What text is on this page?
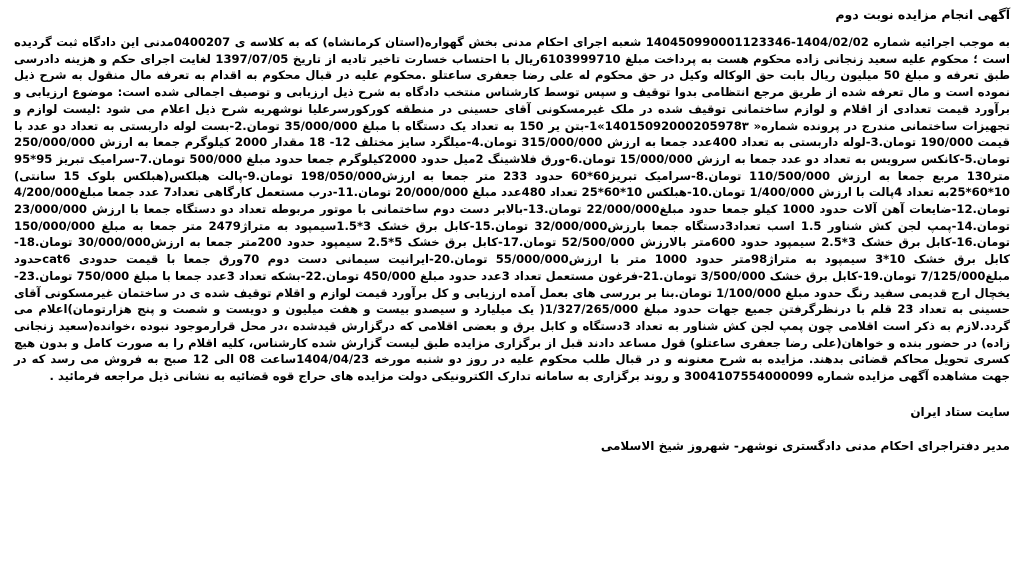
آگهی انجام مزایده نوبت دوم

به موجب اجرائیه شماره 1404/02/02-140450990001123346 شعبه اجرای احکام مدنی بخش گهواره(استان کرمانشاه) که به کلاسه ی 0400207مدنی این دادگاه ثبت گردیده است ؛ محکوم علیه سعید زنجانی زاده محکوم هست به پرداخت مبلغ 6103999710ریال با احتساب خسارت تاخیر تادیه از تاریخ 1397/07/05 لغایت اجرای حکم و هزینه دادرسی طبق تعرفه و مبلغ 50 میلیون ریال بابت حق الوکاله وکیل در حق محکوم له علی رضا جعفری ساعتلو .محکوم علیه در قبال محکوم به اقدام به تعرفه مال منقول به شرح ذیل نموده است و مال تعرفه شده از طریق مرجع انتظامی بدوا توقیف و سپس توسط کارشناس منتخب دادگاه به شرح ذیل ارزیابی و توصیف اجمالی شده است: موضوع ارزیابی و برآورد قیمت تعدادی از اقلام و لوازم ساختمانی توقیف شده در ملک غیرمسکونی آقای حسینی در منطقه کورکورسرعلیا نوشهریه شرح ذیل اعلام می شود :لیست لوازم و تجهیزات ساختمانی مندرج در پرونده شماره« 14015092000205978۳»1-بتن یر 150 به تعداد یک دستگاه با مبلغ 35/000/000 تومان.2-بست لوله داربستی به تعداد دو عدد با قیمت 190/000 تومان.3-لوله داربستی به تعداد 400عدد جمعا به ارزش 315/000/000 تومان.4-میلگرد سایز مختلف 12- 18 مقدار 2000 کیلوگرم جمعا به ارزش 250/000/000 تومان.5-کانکس سرویس به تعداد دو عدد جمعا به ارزش 15/000/000 تومان.6-ورق فلاشینگ 2میل حدود 2000کیلوگرم جمعا حدود مبلغ 500/000 تومان.7-سرامیک تبریز 95*95 متر130 مربع جمعا به ارزش 110/500/000 تومان.8-سرامیک تبریز60*60 حدود 233 متر جمعا به ارزش198/050/000 تومان.9-پالت هبلکس(هبلکس بلوک 15 سانتی) 10*60*25به تعداد 4پالت با ارزش 1/400/000 تومان.10-هبلکس 10*60*25 تعداد 480عدد مبلغ 20/000/000 تومان.11-درب مستعمل کارگاهی تعداد7 عدد جمعا مبلغ4/200/000 تومان.12-ضایعات آهن آلات حدود 1000 کیلو جمعا حدود مبلغ22/000/000 تومان.13-بالابر دست دوم ساختمانی با موتور مربوطه تعداد دو دستگاه جمعا با ارزش 23/000/000 تومان.14-پمپ لجن کش شناور 1.5 اسب تعداد3دستگاه جمعا بارزش32/000/000 تومان.15-کابل برق خشک 3*1.5سیمپود به متراژ2479 متر جمعا به مبلغ 150/000/000 تومان.16-کابل برق خشک 3*2.5 سیمپود حدود 600متر بالارزش 52/500/000 تومان.17-کابل برق خشک 5*2.5 سیمپود حدود 200متر جمعا به ارزش30/000/000 تومان.18-کابل برق خشک 10*3 سیمپود به متراژ98متر حدود 1000 متر با ارزش55/000/000 تومان.20-ایرانیت سیمانی دست دوم 70ورق جمعا با قیمت حدودی cat6حدود مبلغ7/125/000 تومان.19-کابل برق خشک 3/500/000 تومان.21-فرغون مستعمل تعداد 3عدد حدود مبلغ 450/000 تومان.22-بشکه تعداد 3عدد جمعا با مبلغ 750/000 تومان.23-یخچال ارج قدیمی سفید رنگ حدود مبلغ 1/100/000 تومان.بنا بر بررسی های بعمل آمده ارزیابی و کل برآورد قیمت لوازم و اقلام توقیف شده ی در ساختمان غیرمسکونی آقای حسینی به تعداد 23 قلم با درنظرگرفتن جمیع جهات حدود مبلغ 1/327/265/000( یک میلیارد و سیصدو بیست و هفت میلیون و دویست و شصت و پنج هزارتومان)اعلام می گردد.لازم به ذکر است اقلامی چون پمپ لجن کش شناور به تعداد 3دستگاه و کابل برق و بعضی اقلامی که درگزارش قیدشده ،در محل قرارموجود نبوده ،خوانده(سعید زنجانی زاده) در حضور بنده و خواهان(علی رضا جعفری ساعتلو) قول مساعد دادند قبل از برگزاری مزایده طبق لیست گزارش شده کارشناس، کلیه اقلام را به صورت کامل و بدون هیچ کسری تحویل محاکم قضائی بدهند. مزایده به شرح معنونه و در قبال طلب محکوم علیه در روز دو شنبه مورخه 1404/04/23ساعت 08 الی 12 صبح به فروش می رسد که در جهت مشاهده آگهی مزایده شماره 3004107554000099 و روند برگزاری به سامانه تدارک الکترونیکی دولت مزایده های حراج قوه قضائیه به نشانی ذیل مراجعه فرمائید .

سایت ستاد ایران
مدیر دفتراجرای احکام مدنی دادگستری نوشهر- شهروز شیخ الاسلامی
